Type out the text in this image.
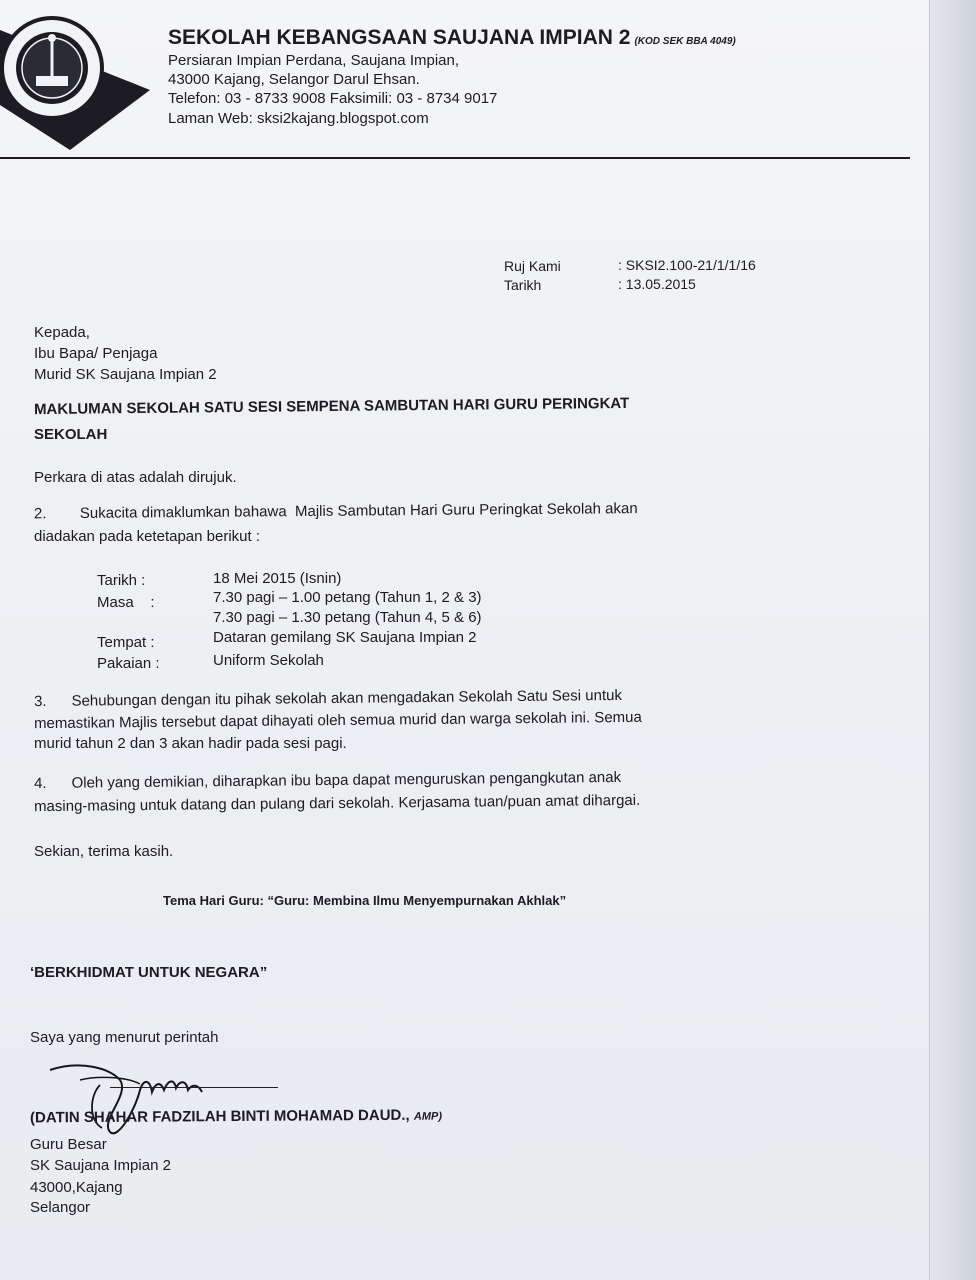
SEKOLAH KEBANGSAAN SAUJANA IMPIAN 2 (KOD SEK BBA 4049)
Persiaran Impian Perdana, Saujana Impian,
43000 Kajang, Selangor Darul Ehsan.
Telefon: 03 - 8733 9008 Faksimili: 03 - 8734 9017
Laman Web: sksi2kajang.blogspot.com
Ruj Kami	: SKSI2.100-21/1/1/16
Tarikh	: 13.05.2015
Kepada,
Ibu Bapa/ Penjaga
Murid SK Saujana Impian 2
MAKLUMAN SEKOLAH SATU SESI SEMPENA SAMBUTAN HARI GURU PERINGKAT
SEKOLAH
Perkara di atas adalah dirujuk.
2.        Sukacita dimaklumkan bahawa  Majlis Sambutan Hari Guru Peringkat Sekolah akan
diadakan pada ketetapan berikut :
Tarikh :	18 Mei 2015 (Isnin)
Masa    :	7.30 pagi – 1.00 petang (Tahun 1, 2 & 3)
7.30 pagi – 1.30 petang (Tahun 4, 5 & 6)
Tempat :	Dataran gemilang SK Saujana Impian 2
Pakaian :	Uniform Sekolah
3.      Sehubungan dengan itu pihak sekolah akan mengadakan Sekolah Satu Sesi untuk
memastikan Majlis tersebut dapat dihayati oleh semua murid dan warga sekolah ini. Semua
murid tahun 2 dan 3 akan hadir pada sesi pagi.
4.      Oleh yang demikian, diharapkan ibu bapa dapat menguruskan pengangkutan anak
masing-masing untuk datang dan pulang dari sekolah. Kerjasama tuan/puan amat dihargai.
Sekian, terima kasih.
Tema Hari Guru: “Guru: Membina Ilmu Menyempurnakan Akhlak”
‘BERKHIDMAT UNTUK NEGARA”
Saya yang menurut perintah
(DATIN SHAHAR FADZILAH BINTI MOHAMAD DAUD., AMP)
Guru Besar
SK Saujana Impian 2
43000,Kajang
Selangor
